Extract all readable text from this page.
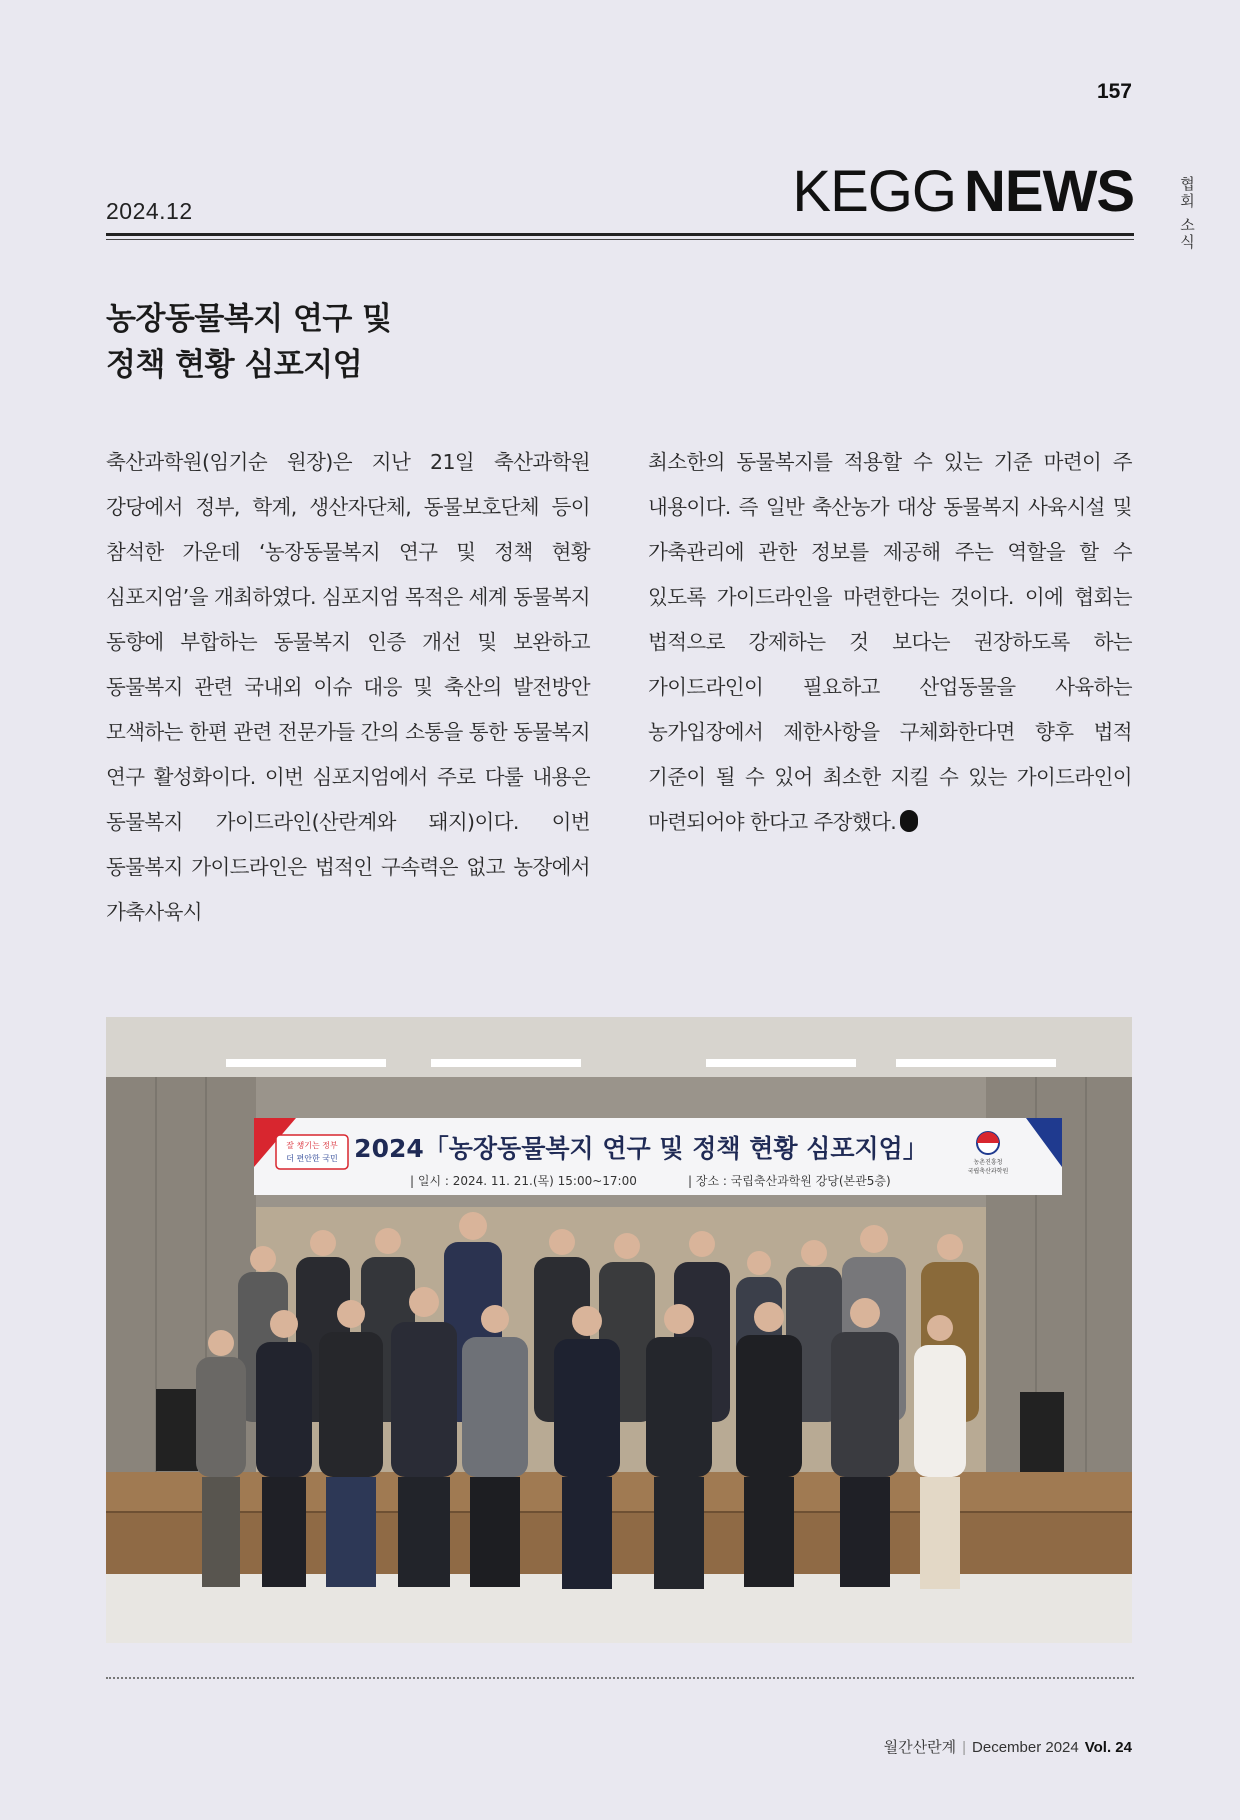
157
2024.12	KEGG NEWS	협회 소식
농장동물복지 연구 및
정책 현황 심포지엄
축산과학원(임기순 원장)은 지난 21일 축산과학원 강당에서 정부, 학계, 생산자단체, 동물보호단체 등이 참석한 가운데 ‘농장동물복지 연구 및 정책 현황 심포지엄’을 개최하였다. 심포지엄 목적은 세계 동물복지 동향에 부합하는 동물복지 인증 개선 및 보완하고 동물복지 관련 국내외 이슈 대응 및 축산의 발전방안 모색하는 한편 관련 전문가들 간의 소통을 통한 동물복지 연구 활성화이다. 이번 심포지엄에서 주로 다룰 내용은 동물복지 가이드라인(산란계와 돼지)이다. 이번 동물복지 가이드라인은 법적인 구속력은 없고 농장에서 가축사육시
최소한의 동물복지를 적용할 수 있는 기준 마련이 주 내용이다. 즉 일반 축산농가 대상 동물복지 사육시설 및 가축관리에 관한 정보를 제공해 주는 역할을 할 수 있도록 가이드라인을 마련한다는 것이다. 이에 협회는 법적으로 강제하는 것 보다는 권장하도록 하는 가이드라인이 필요하고 산업동물을 사육하는 농가입장에서 제한사항을 구체화한다면 향후 법적 기준이 될 수 있어 최소한 지킬 수 있는 가이드라인이 마련되어야 한다고 주장했다.
잘 챙기는 정부
더 편안한 국민 2024「농장동물복지 연구 및 정책 현황 심포지엄」
| 일시 : 2024. 11. 21.(목) 15:00~17:00	| 장소 : 국립축산과학원 강당(본관5층)
농촌진흥청
국립축산과학원
월간산란계 | December 2024 Vol. 24
